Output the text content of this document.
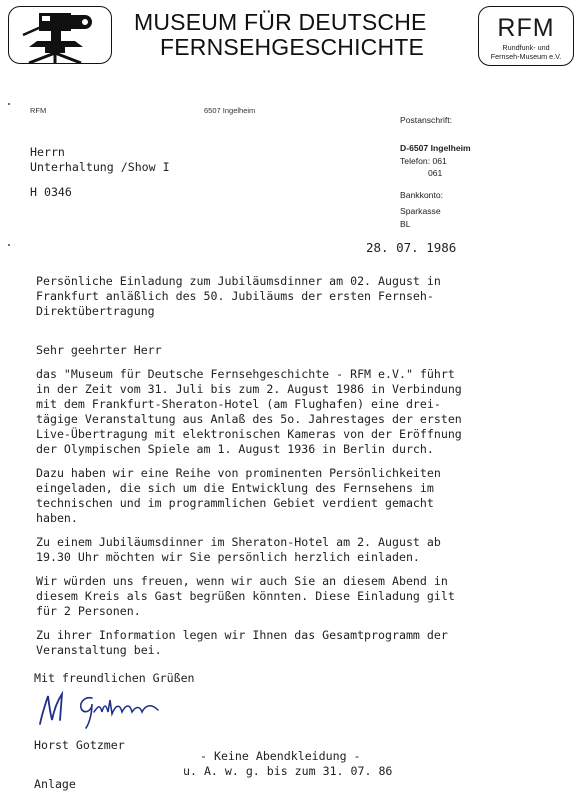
MUSEUM FÜR DEUTSCHE
FERNSEHGESCHICHTE
RFM
Rundfunk- und
Fernseh-Museum e.V.
RFM	6507 Ingelheim
Postanschrift:
D-6507 Ingelheim
Telefon: 061
061
Bankkonto:
Sparkasse
BL
Herrn
Unterhaltung /Show I
H 0346
28. 07. 1986
Persönliche Einladung zum Jubiläumsdinner am 02. August in
Frankfurt anläßlich des 50. Jubiläums der ersten Fernseh-
Direktübertragung
Sehr geehrter Herr
das "Museum für Deutsche Fernsehgeschichte - RFM e.V." führt
in der Zeit vom 31. Juli bis zum 2. August 1986 in Verbindung
mit dem Frankfurt-Sheraton-Hotel (am Flughafen) eine drei-
tägige Veranstaltung aus Anlaß des 5o. Jahrestages der ersten
Live-Übertragung mit elektronischen Kameras von der Eröffnung
der Olympischen Spiele am 1. August 1936 in Berlin durch.
Dazu haben wir eine Reihe von prominenten Persönlichkeiten
eingeladen, die sich um die Entwicklung des Fernsehens im
technischen und im programmlichen Gebiet verdient gemacht
haben.
Zu einem Jubiläumsdinner im Sheraton-Hotel am 2. August ab
19.30 Uhr möchten wir Sie persönlich herzlich einladen.
Wir würden uns freuen, wenn wir auch Sie an diesem Abend in
diesem Kreis als Gast begrüßen könnten. Diese Einladung gilt
für 2 Personen.
Zu ihrer Information legen wir Ihnen das Gesamtprogramm der
Veranstaltung bei.
Mit freundlichen Grüßen
Horst Gotzmer
- Keine Abendkleidung -
u. A. w. g. bis zum 31. 07. 86
Anlage
